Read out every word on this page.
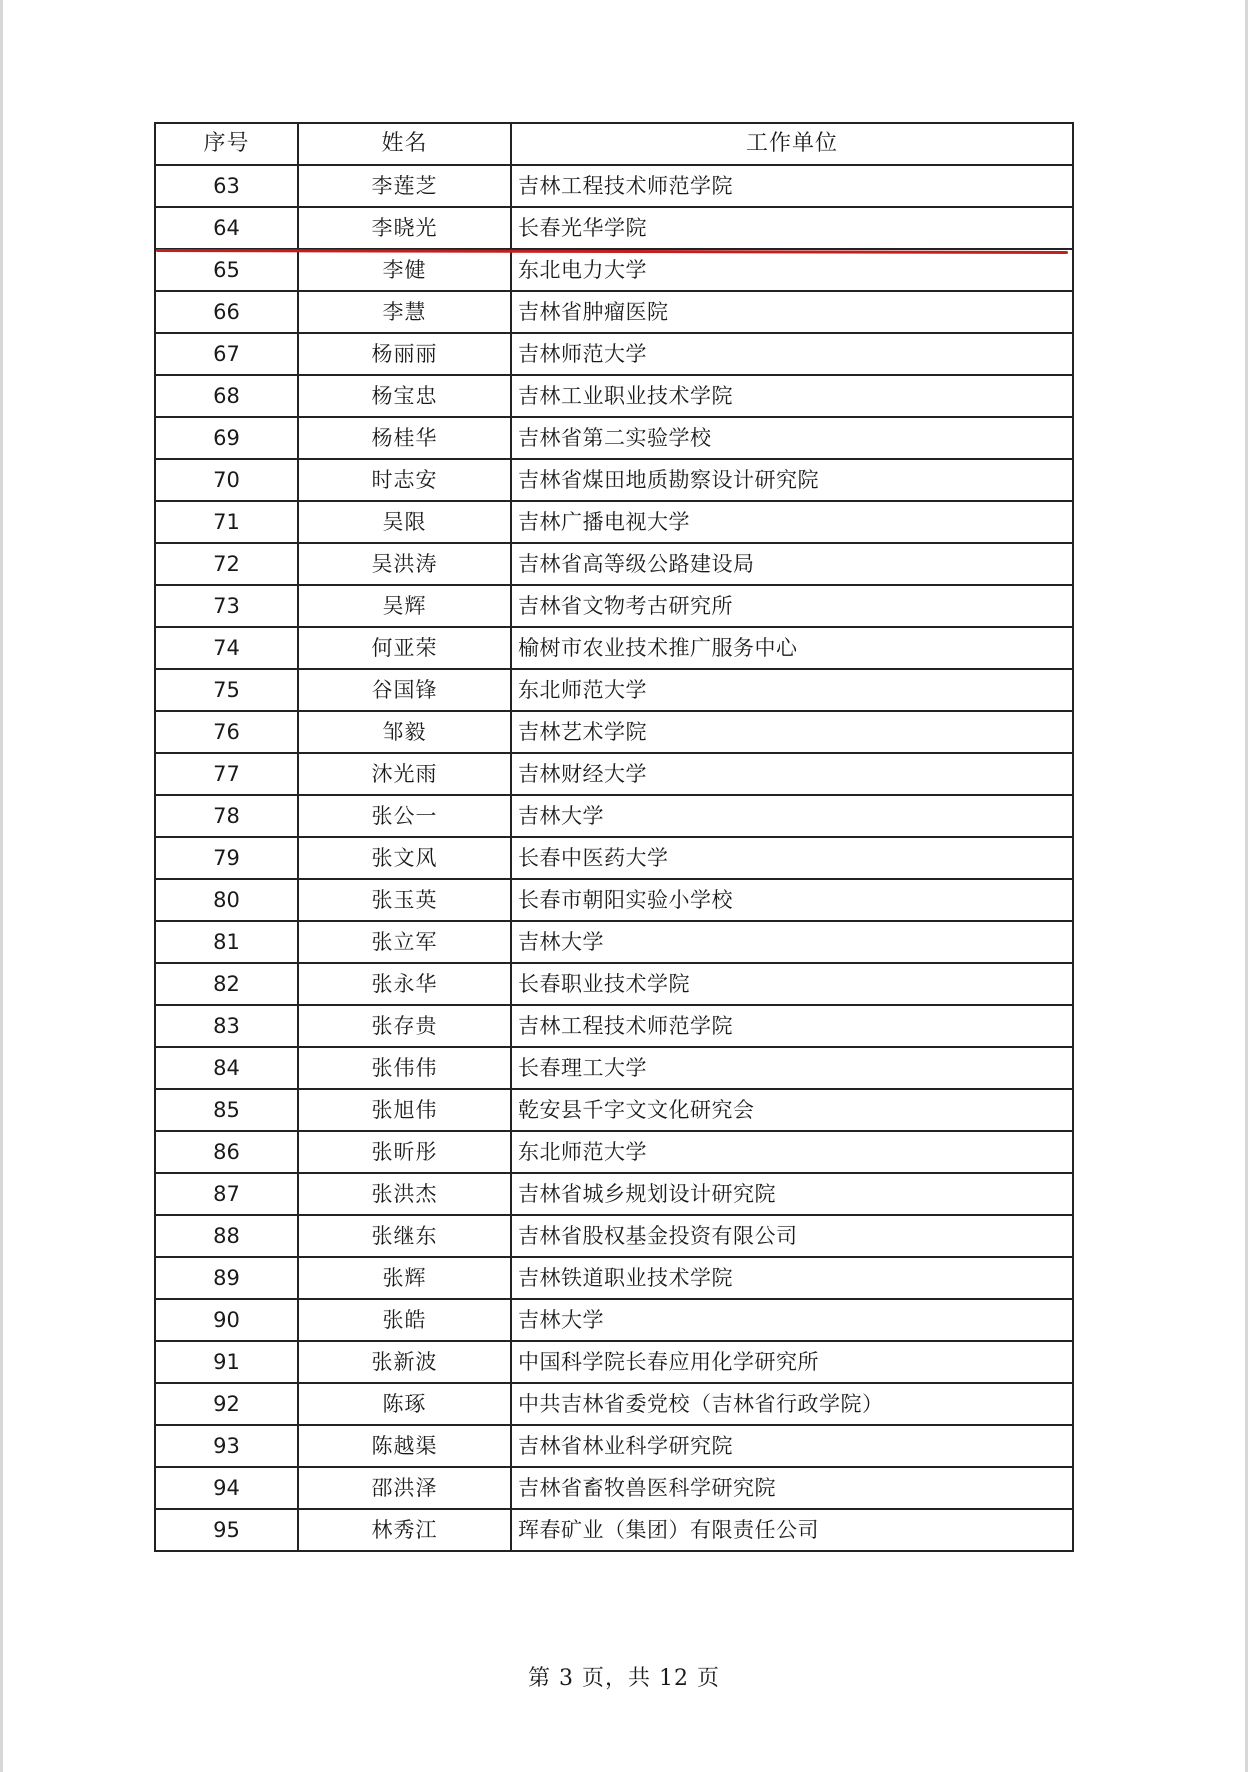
序号	姓名	工作单位
63	李莲芝	吉林工程技术师范学院
64	李晓光	长春光华学院
65	李健	东北电力大学
66	李慧	吉林省肿瘤医院
67	杨丽丽	吉林师范大学
68	杨宝忠	吉林工业职业技术学院
69	杨桂华	吉林省第二实验学校
70	时志安	吉林省煤田地质勘察设计研究院
71	吴限	吉林广播电视大学
72	吴洪涛	吉林省高等级公路建设局
73	吴辉	吉林省文物考古研究所
74	何亚荣	榆树市农业技术推广服务中心
75	谷国锋	东北师范大学
76	邹毅	吉林艺术学院
77	沐光雨	吉林财经大学
78	张公一	吉林大学
79	张文风	长春中医药大学
80	张玉英	长春市朝阳实验小学校
81	张立军	吉林大学
82	张永华	长春职业技术学院
83	张存贵	吉林工程技术师范学院
84	张伟伟	长春理工大学
85	张旭伟	乾安县千字文文化研究会
86	张昕彤	东北师范大学
87	张洪杰	吉林省城乡规划设计研究院
88	张继东	吉林省股权基金投资有限公司
89	张辉	吉林铁道职业技术学院
90	张皓	吉林大学
91	张新波	中国科学院长春应用化学研究所
92	陈琢	中共吉林省委党校（吉林省行政学院）
93	陈越渠	吉林省林业科学研究院
94	邵洪泽	吉林省畜牧兽医科学研究院
95	林秀江	珲春矿业（集团）有限责任公司
第 3 页，共 12 页
